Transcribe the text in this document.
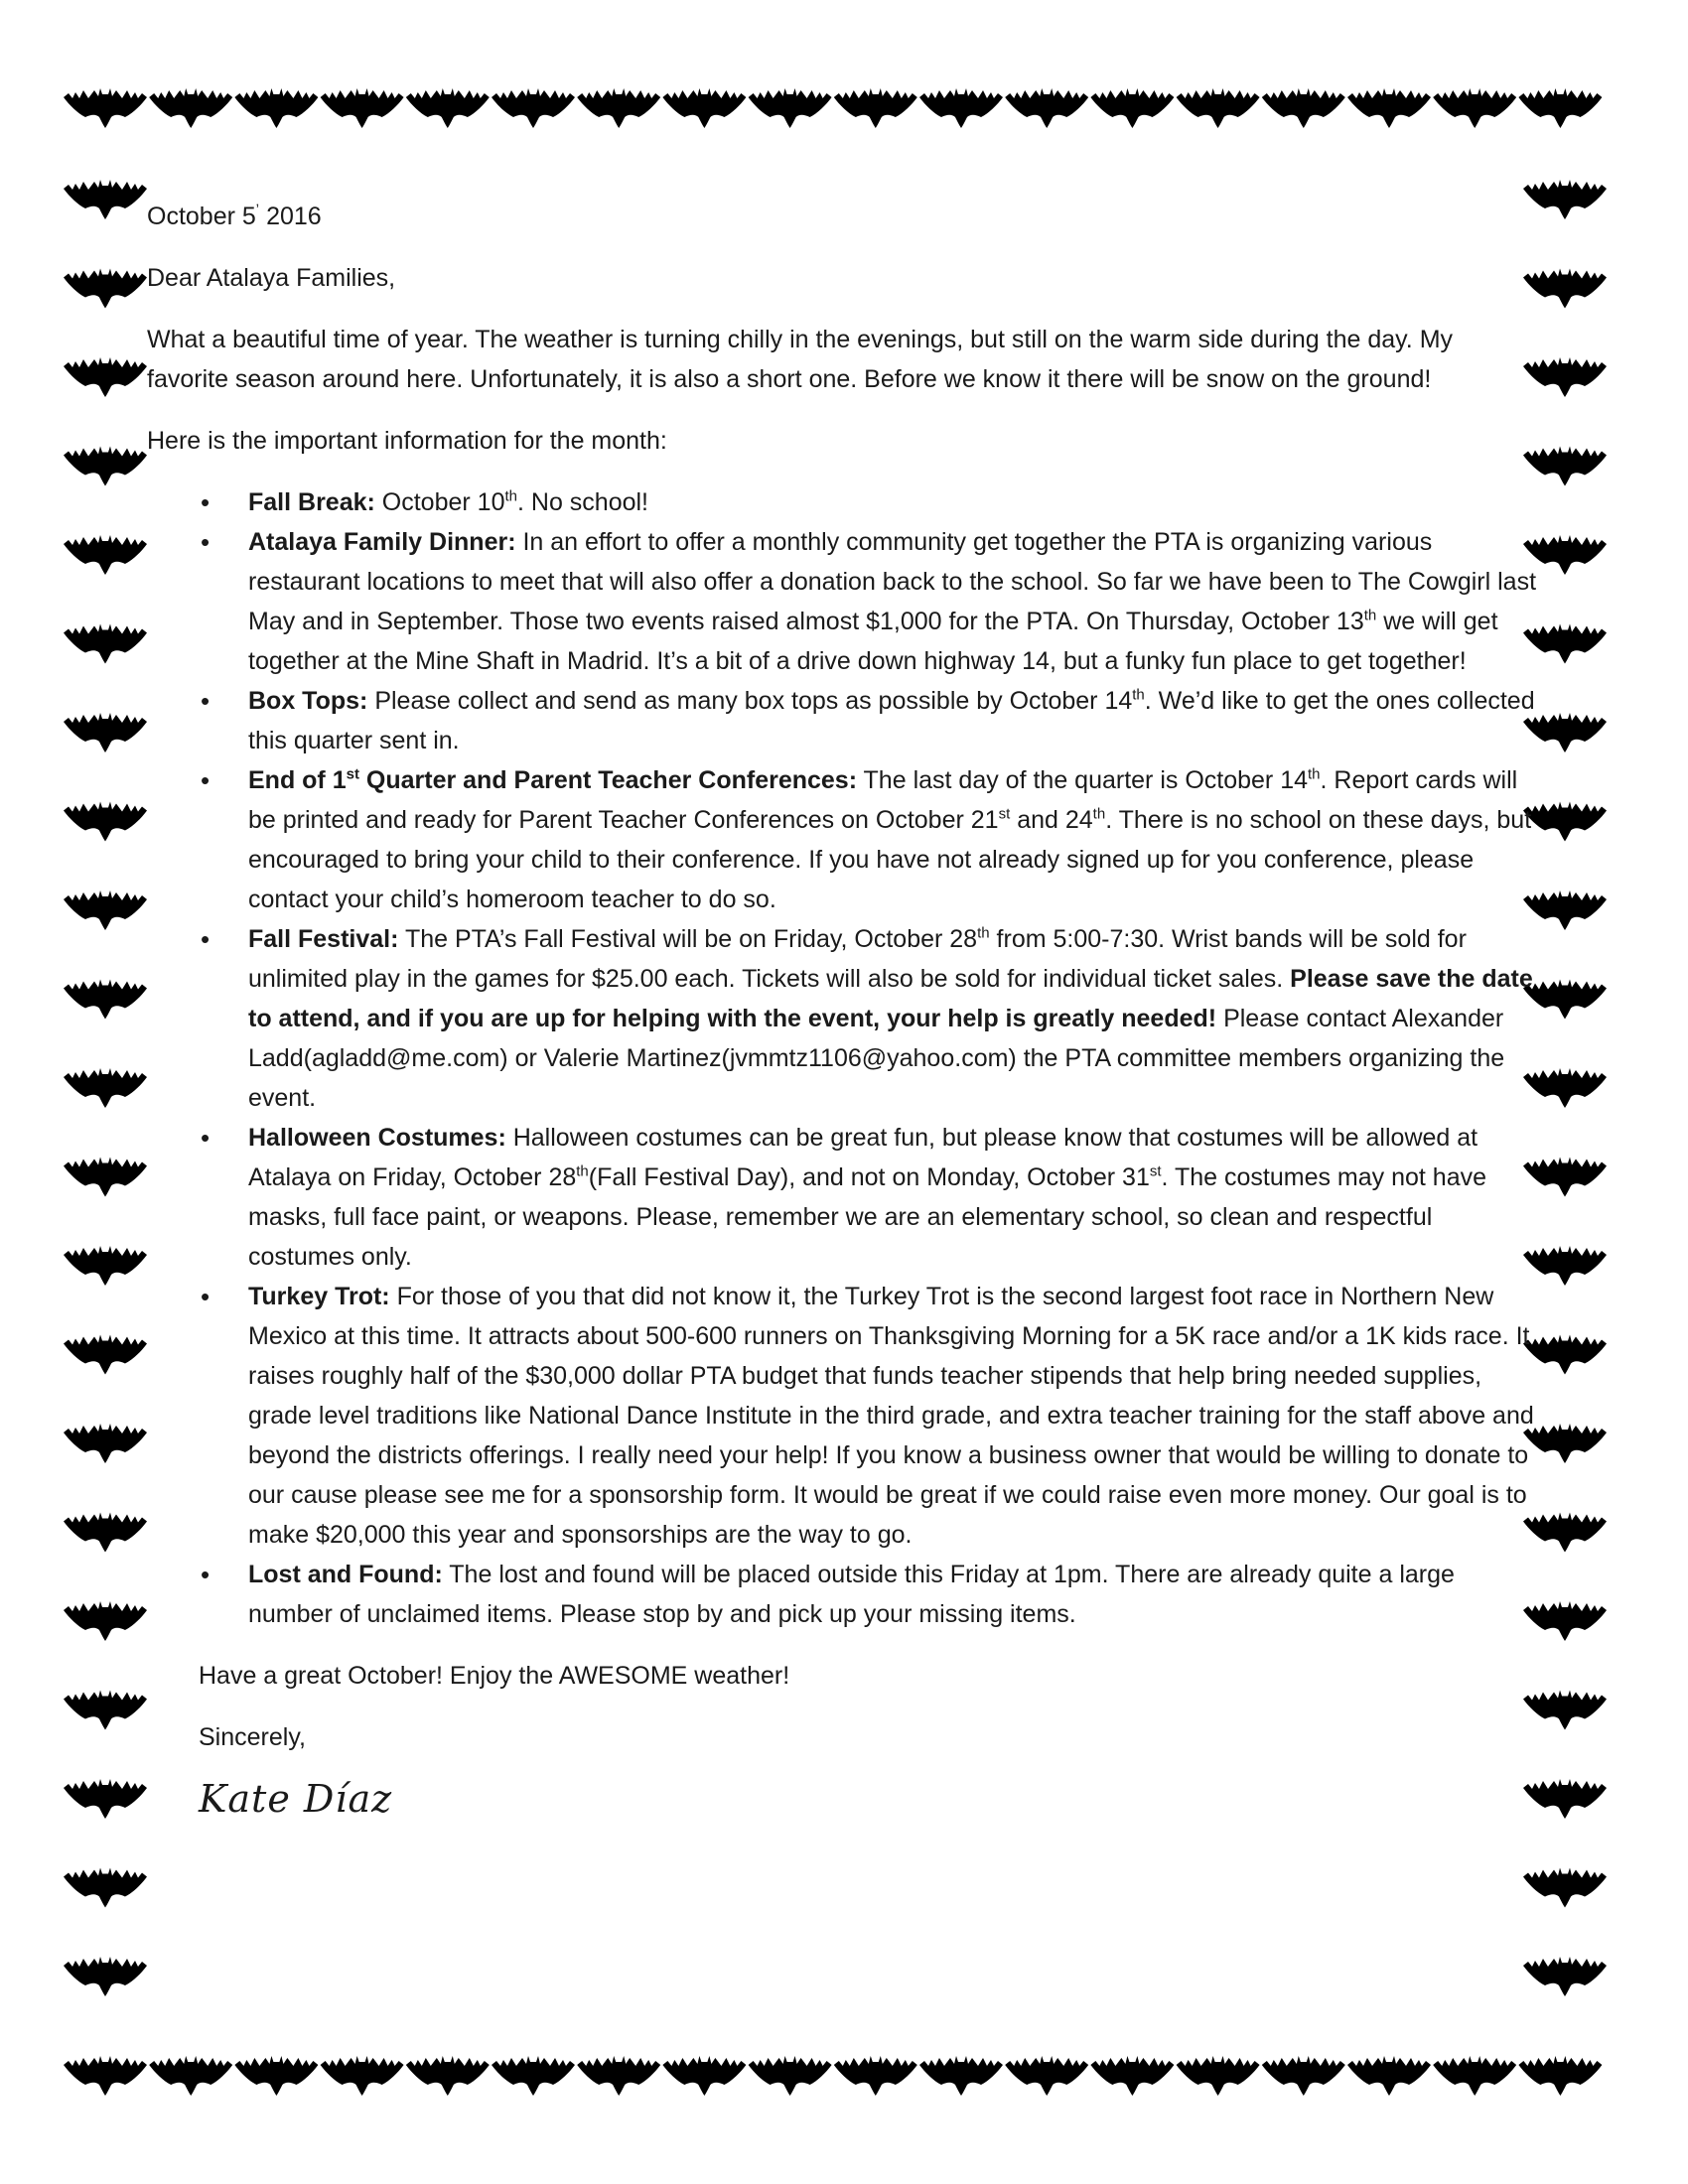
October $5^ʼ$ 2016

Dear Atalaya Families,

What a beautiful time of year. The weather is turning chilly in the evenings, but still on the warm side during the day. My favorite season around here. Unfortunately, it is also a short one. Before we know it there will be snow on the ground!

Here is the important information for the month:

• Fall Break: October 10th. No school!
• Atalaya Family Dinner: In an effort to offer a monthly community get together the PTA is organizing various restaurant locations to meet that will also offer a donation back to the school. So far we have been to The Cowgirl last May and in September. Those two events raised almost $1,000 for the PTA. On Thursday, October 13th we will get together at the Mine Shaft in Madrid. It’s a bit of a drive down highway 14, but a funky fun place to get together!
• Box Tops: Please collect and send as many box tops as possible by October 14th. We’d like to get the ones collected this quarter sent in.
• End of 1st Quarter and Parent Teacher Conferences: The last day of the quarter is October 14th. Report cards will be printed and ready for Parent Teacher Conferences on October 21st and 24th. There is no school on these days, but encouraged to bring your child to their conference. If you have not already signed up for you conference, please contact your child’s homeroom teacher to do so.
• Fall Festival: The PTA’s Fall Festival will be on Friday, October 28th from 5:00-7:30. Wrist bands will be sold for unlimited play in the games for $25.00 each. Tickets will also be sold for individual ticket sales. Please save the date to attend, and if you are up for helping with the event, your help is greatly needed! Please contact Alexander Ladd(agladd@me.com) or Valerie Martinez(jvmmtz1106@yahoo.com) the PTA committee members organizing the event.
• Halloween Costumes: Halloween costumes can be great fun, but please know that costumes will be allowed at Atalaya on Friday, October 28th(Fall Festival Day), and not on Monday, October 31st. The costumes may not have masks, full face paint, or weapons. Please, remember we are an elementary school, so clean and respectful costumes only.
• Turkey Trot: For those of you that did not know it, the Turkey Trot is the second largest foot race in Northern New Mexico at this time. It attracts about 500-600 runners on Thanksgiving Morning for a 5K race and/or a 1K kids race. It raises roughly half of the $30,000 dollar PTA budget that funds teacher stipends that help bring needed supplies, grade level traditions like National Dance Institute in the third grade, and extra teacher training for the staff above and beyond the districts offerings. I really need your help! If you know a business owner that would be willing to donate to our cause please see me for a sponsorship form. It would be great if we could raise even more money. Our goal is to make $20,000 this year and sponsorships are the way to go.
• Lost and Found: The lost and found will be placed outside this Friday at 1pm. There are already quite a large number of unclaimed items. Please stop by and pick up your missing items.

Have a great October! Enjoy the AWESOME weather!

Sincerely,

Kate Díaz
